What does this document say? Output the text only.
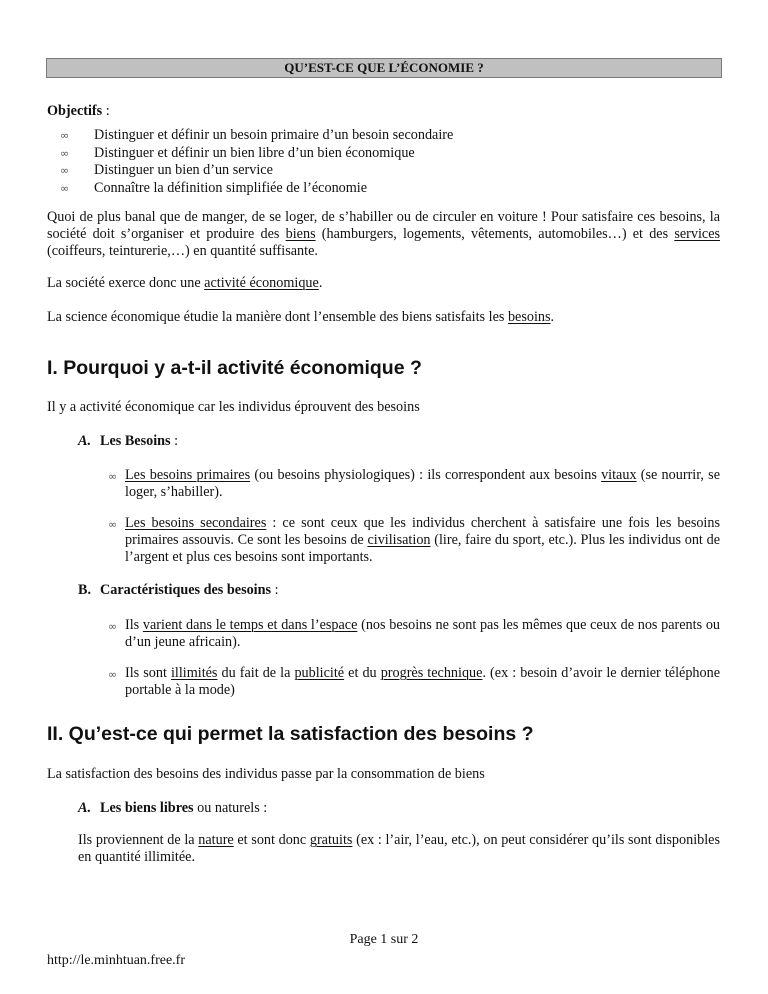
QU’EST-CE QUE L’ÉCONOMIE ?
Objectifs :
∞ Distinguer et définir un besoin primaire d’un besoin secondaire
∞ Distinguer et définir un bien libre d’un bien économique
∞ Distinguer un bien d’un service
∞ Connaître la définition simplifiée de l’économie
Quoi de plus banal que de manger, de se loger, de s’habiller ou de circuler en voiture ! Pour satisfaire ces besoins, la société doit s’organiser et produire des biens (hamburgers, logements, vêtements, automobiles…) et des services (coiffeurs, teinturerie,…) en quantité suffisante.
La société exerce donc une activité économique.
La science économique étudie la manière dont l’ensemble des biens satisfaits les besoins.
I. Pourquoi y a-t-il activité économique ?
Il y a activité économique car les individus éprouvent des besoins
A. Les Besoins :
∞ Les besoins primaires (ou besoins physiologiques) : ils correspondent aux besoins vitaux (se nourrir, se loger, s’habiller).
∞ Les besoins secondaires : ce sont ceux que les individus cherchent à satisfaire une fois les besoins primaires assouvis. Ce sont les besoins de civilisation (lire, faire du sport, etc.). Plus les individus ont de l’argent et plus ces besoins sont importants.
B. Caractéristiques des besoins :
∞ Ils varient dans le temps et dans l’espace (nos besoins ne sont pas les mêmes que ceux de nos parents ou d’un jeune africain).
∞ Ils sont illimités du fait de la publicité et du progrès technique. (ex : besoin d’avoir le dernier téléphone portable à la mode)
II. Qu’est-ce qui permet la satisfaction des besoins ?
La satisfaction des besoins des individus passe par la consommation de biens
A. Les biens libres ou naturels :
Ils proviennent de la nature et sont donc gratuits (ex : l’air, l’eau, etc.), on peut considérer qu’ils sont disponibles en quantité illimitée.
Page 1 sur 2
http://le.minhtuan.free.fr
